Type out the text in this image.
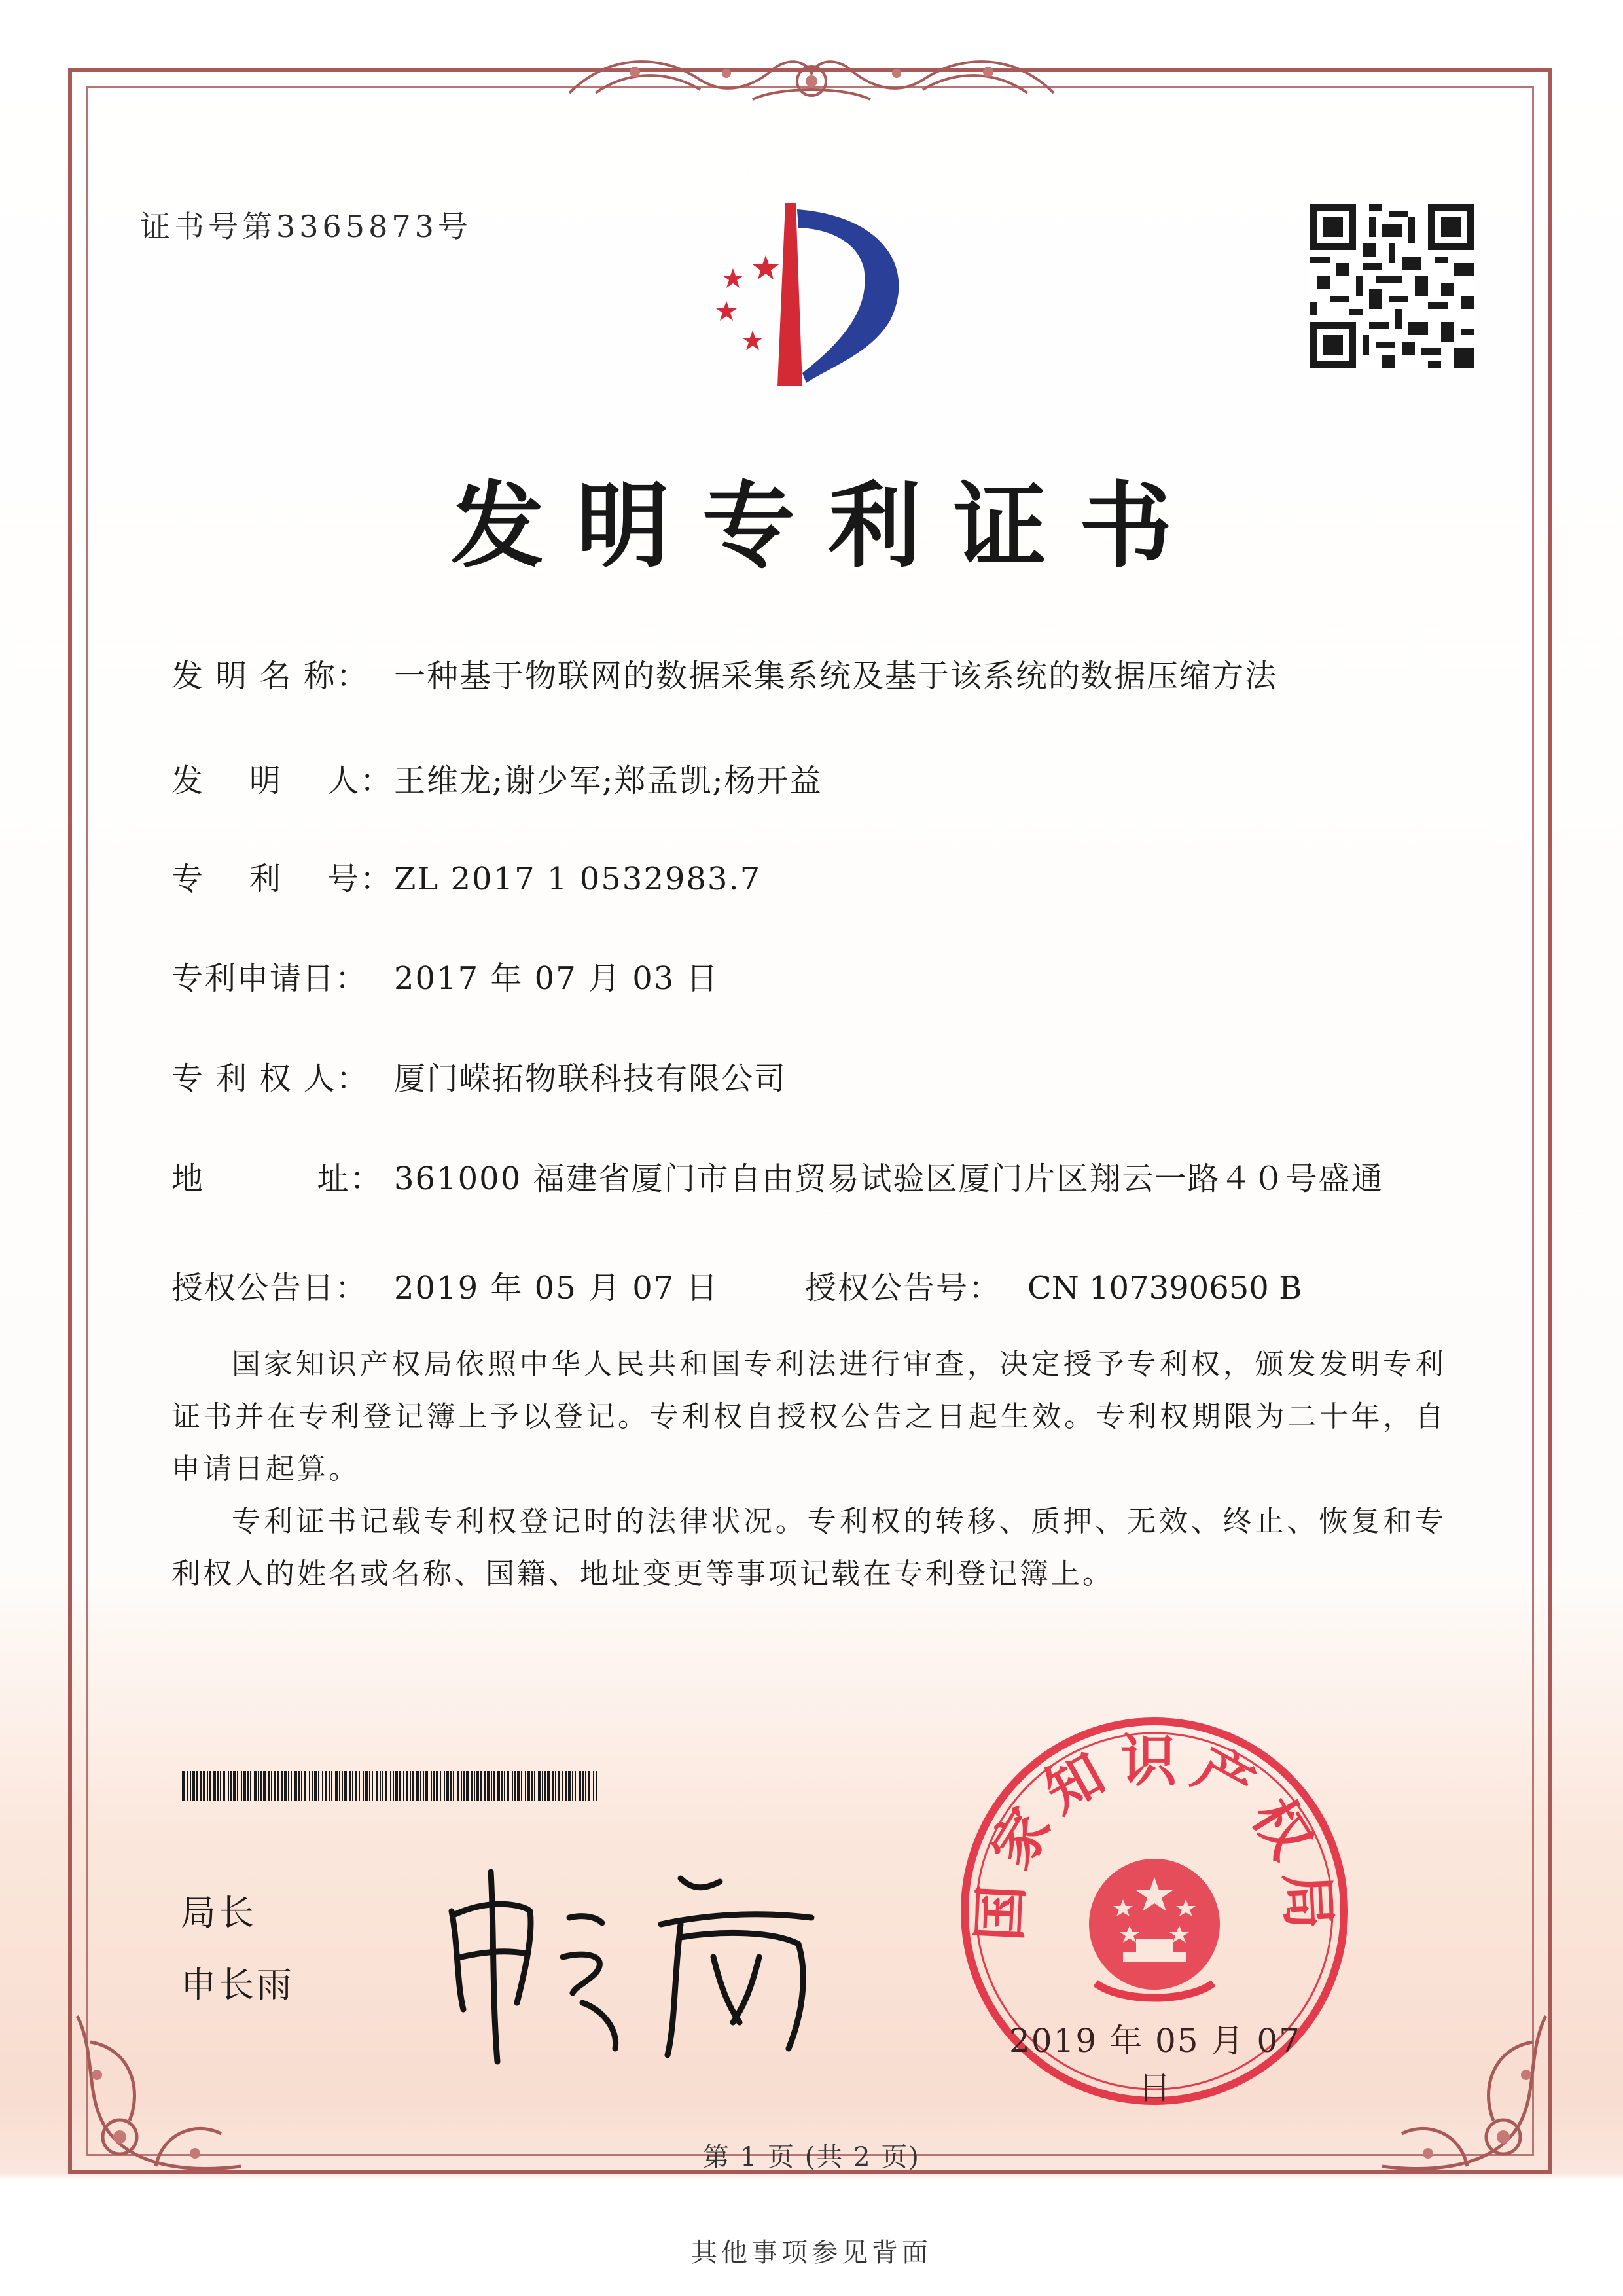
证书号第3365873号
发明专利证书
发 明 名 称： 一种基于物联网的数据采集系统及基于该系统的数据压缩方法
发    明    人： 王维龙;谢少军;郑孟凯;杨开益
专    利    号： ZL 2017 1 0532983.7
专利申请日： 2017 年 07 月 03 日
专 利 权 人： 厦门嵘拓物联科技有限公司
地          址： 361000 福建省厦门市自由贸易试验区厦门片区翔云一路４０号盛通
授权公告日： 2019 年 05 月 07 日	授权公告号： CN 107390650 B
国家知识产权局依照中华人民共和国专利法进行审查，决定授予专利权，颁发发明专利证书并在专利登记簿上予以登记。专利权自授权公告之日起生效。专利权期限为二十年，自申请日起算。
专利证书记载专利权登记时的法律状况。专利权的转移、质押、无效、终止、恢复和专利权人的姓名或名称、国籍、地址变更等事项记载在专利登记簿上。
局长
申长雨
国家知识产权局
2019 年 05 月 07 日
第 1 页 (共 2 页)
其他事项参见背面
